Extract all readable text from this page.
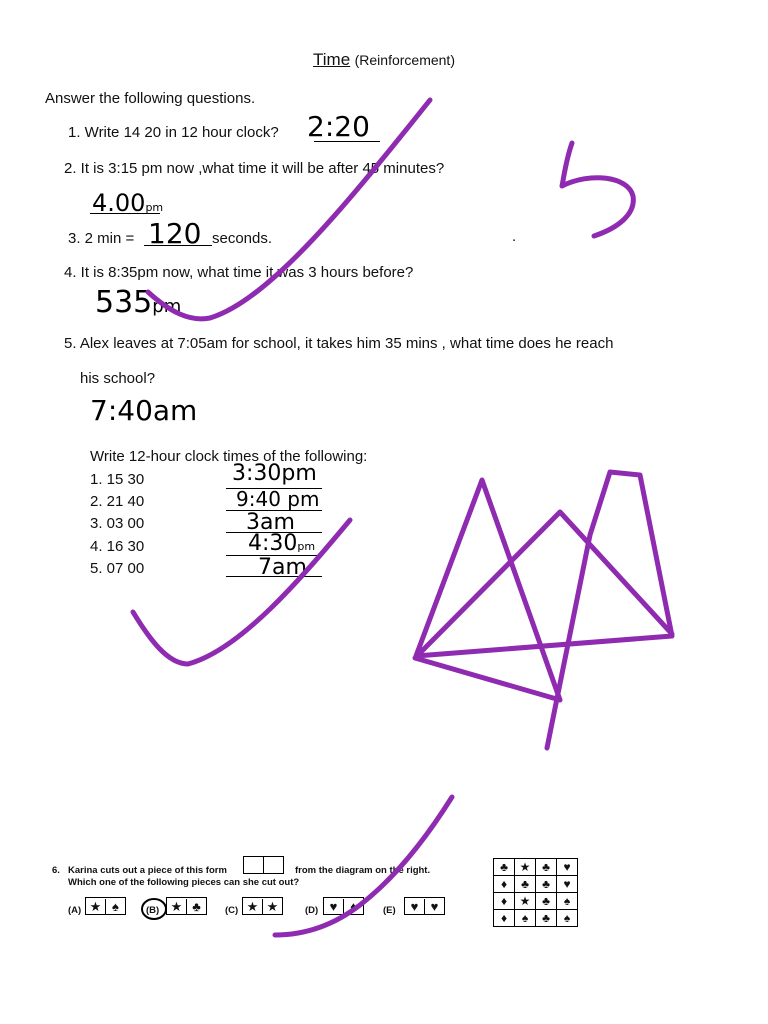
Time (Reinforcement)
Answer the following questions.
1. Write 14 20 in 12 hour clock? 2:20
2. It is 3:15 pm now ,what time it will be after 45 minutes?
4.00pm
3. 2 min = 120 seconds.	.
4. It is 8:35pm now, what time it was 3 hours before?
535pm
5. Alex leaves at 7:05am for school, it takes him 35 mins , what time does he reach
his school?
7:40am
Write 12-hour clock times of the following:
1. 15 30	3:30pm
2. 21 40	9:40 pm
3. 03 00	3am
4. 16 30	4:30pm
5. 07 00	7am
6. Karina cuts out a piece of this form	from the diagram on the right.
Which one of the following pieces can she cut out?
(A) ★ ♠	(B) ★ ♣	(C) ★ ★	(D) ♥ ♦	(E)	♥ ♥
♣	★	♣	♥
♦	♣	♣	♥
♦	★	♣	♠
♦	♠	♣	♠
